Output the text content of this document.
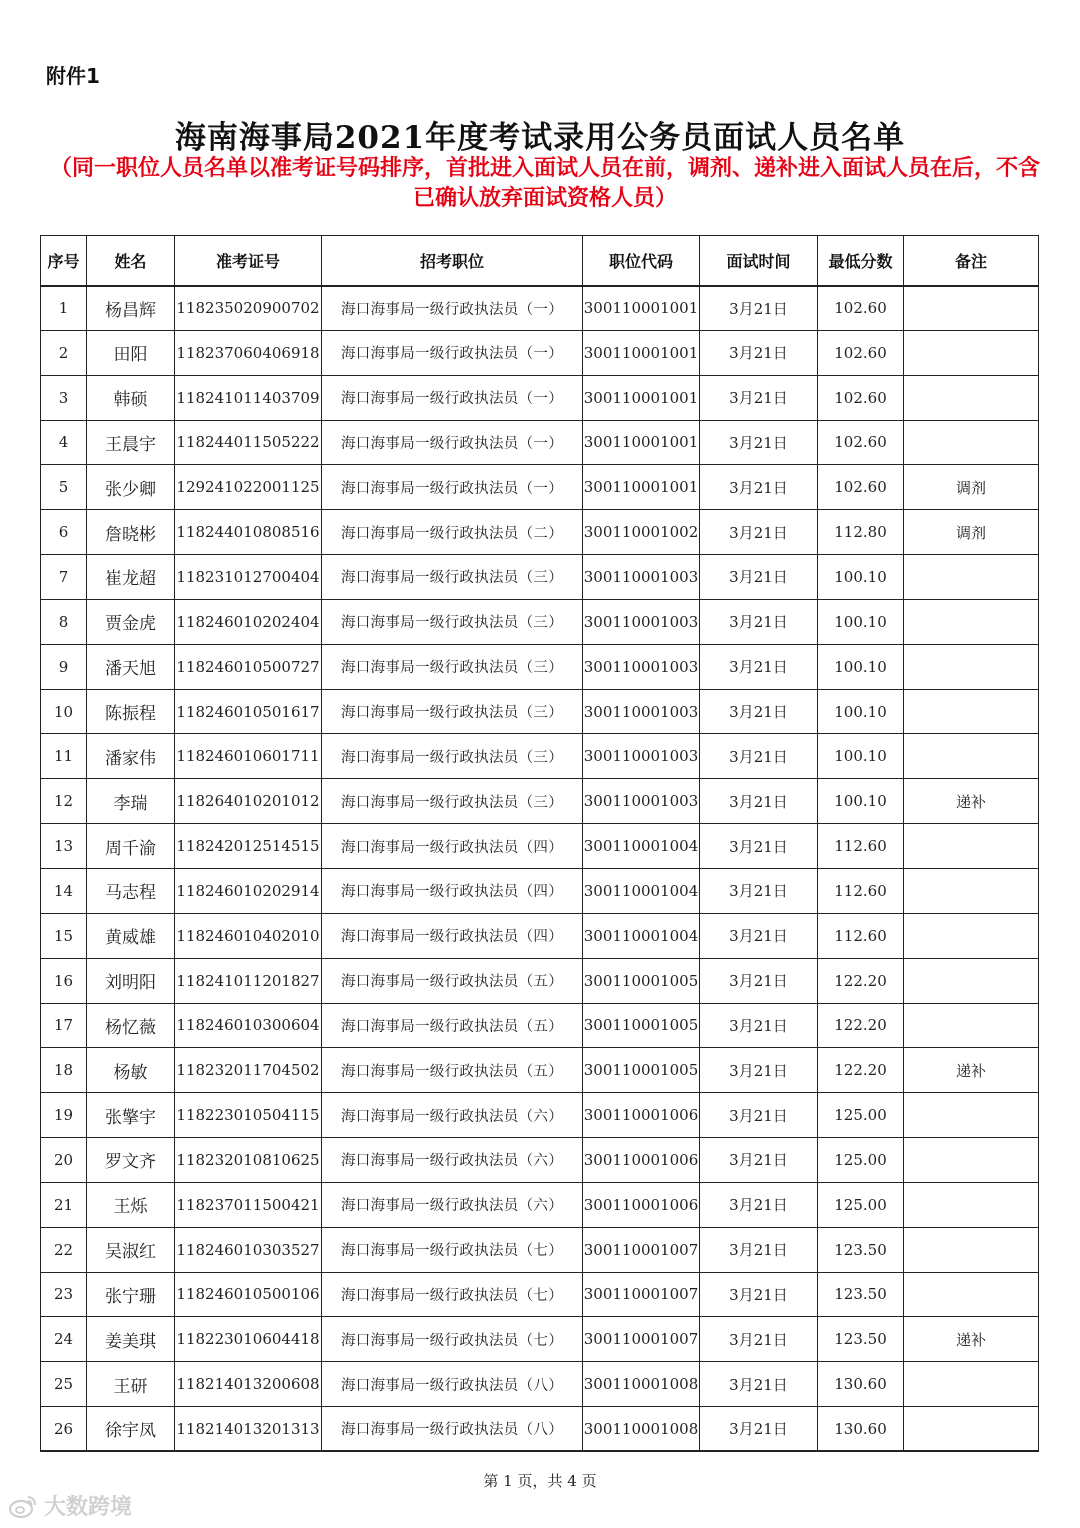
附件1
海南海事局2021年度考试录用公务员面试人员名单
（同一职位人员名单以准考证号码排序，首批进入面试人员在前，调剂、递补进入面试人员在后，不含已确认放弃面试资格人员）
序号	姓名	准考证号	招考职位	职位代码	面试时间	最低分数	备注
1	杨昌辉	118235020900702	海口海事局一级行政执法员（一）	300110001001	3月21日	102.60	
2	田阳	118237060406918	海口海事局一级行政执法员（一）	300110001001	3月21日	102.60	
3	韩硕	118241011403709	海口海事局一级行政执法员（一）	300110001001	3月21日	102.60	
4	王晨宇	118244011505222	海口海事局一级行政执法员（一）	300110001001	3月21日	102.60	
5	张少卿	129241022001125	海口海事局一级行政执法员（一）	300110001001	3月21日	102.60	调剂
6	詹晓彬	118244010808516	海口海事局一级行政执法员（二）	300110001002	3月21日	112.80	调剂
7	崔龙超	118231012700404	海口海事局一级行政执法员（三）	300110001003	3月21日	100.10	
8	贾金虎	118246010202404	海口海事局一级行政执法员（三）	300110001003	3月21日	100.10	
9	潘天旭	118246010500727	海口海事局一级行政执法员（三）	300110001003	3月21日	100.10	
10	陈振程	118246010501617	海口海事局一级行政执法员（三）	300110001003	3月21日	100.10	
11	潘家伟	118246010601711	海口海事局一级行政执法员（三）	300110001003	3月21日	100.10	
12	李瑞	118264010201012	海口海事局一级行政执法员（三）	300110001003	3月21日	100.10	递补
13	周千渝	118242012514515	海口海事局一级行政执法员（四）	300110001004	3月21日	112.60	
14	马志程	118246010202914	海口海事局一级行政执法员（四）	300110001004	3月21日	112.60	
15	黄威雄	118246010402010	海口海事局一级行政执法员（四）	300110001004	3月21日	112.60	
16	刘明阳	118241011201827	海口海事局一级行政执法员（五）	300110001005	3月21日	122.20	
17	杨忆薇	118246010300604	海口海事局一级行政执法员（五）	300110001005	3月21日	122.20	
18	杨敏	118232011704502	海口海事局一级行政执法员（五）	300110001005	3月21日	122.20	递补
19	张擎宇	118223010504115	海口海事局一级行政执法员（六）	300110001006	3月21日	125.00	
20	罗文齐	118232010810625	海口海事局一级行政执法员（六）	300110001006	3月21日	125.00	
21	王烁	118237011500421	海口海事局一级行政执法员（六）	300110001006	3月21日	125.00	
22	吴淑红	118246010303527	海口海事局一级行政执法员（七）	300110001007	3月21日	123.50	
23	张宁珊	118246010500106	海口海事局一级行政执法员（七）	300110001007	3月21日	123.50	
24	姜美琪	118223010604418	海口海事局一级行政执法员（七）	300110001007	3月21日	123.50	递补
25	王研	118214013200608	海口海事局一级行政执法员（八）	300110001008	3月21日	130.60	
26	徐宇凤	118214013201313	海口海事局一级行政执法员（八）	300110001008	3月21日	130.60	
第 1 页，共 4 页
大数跨境
